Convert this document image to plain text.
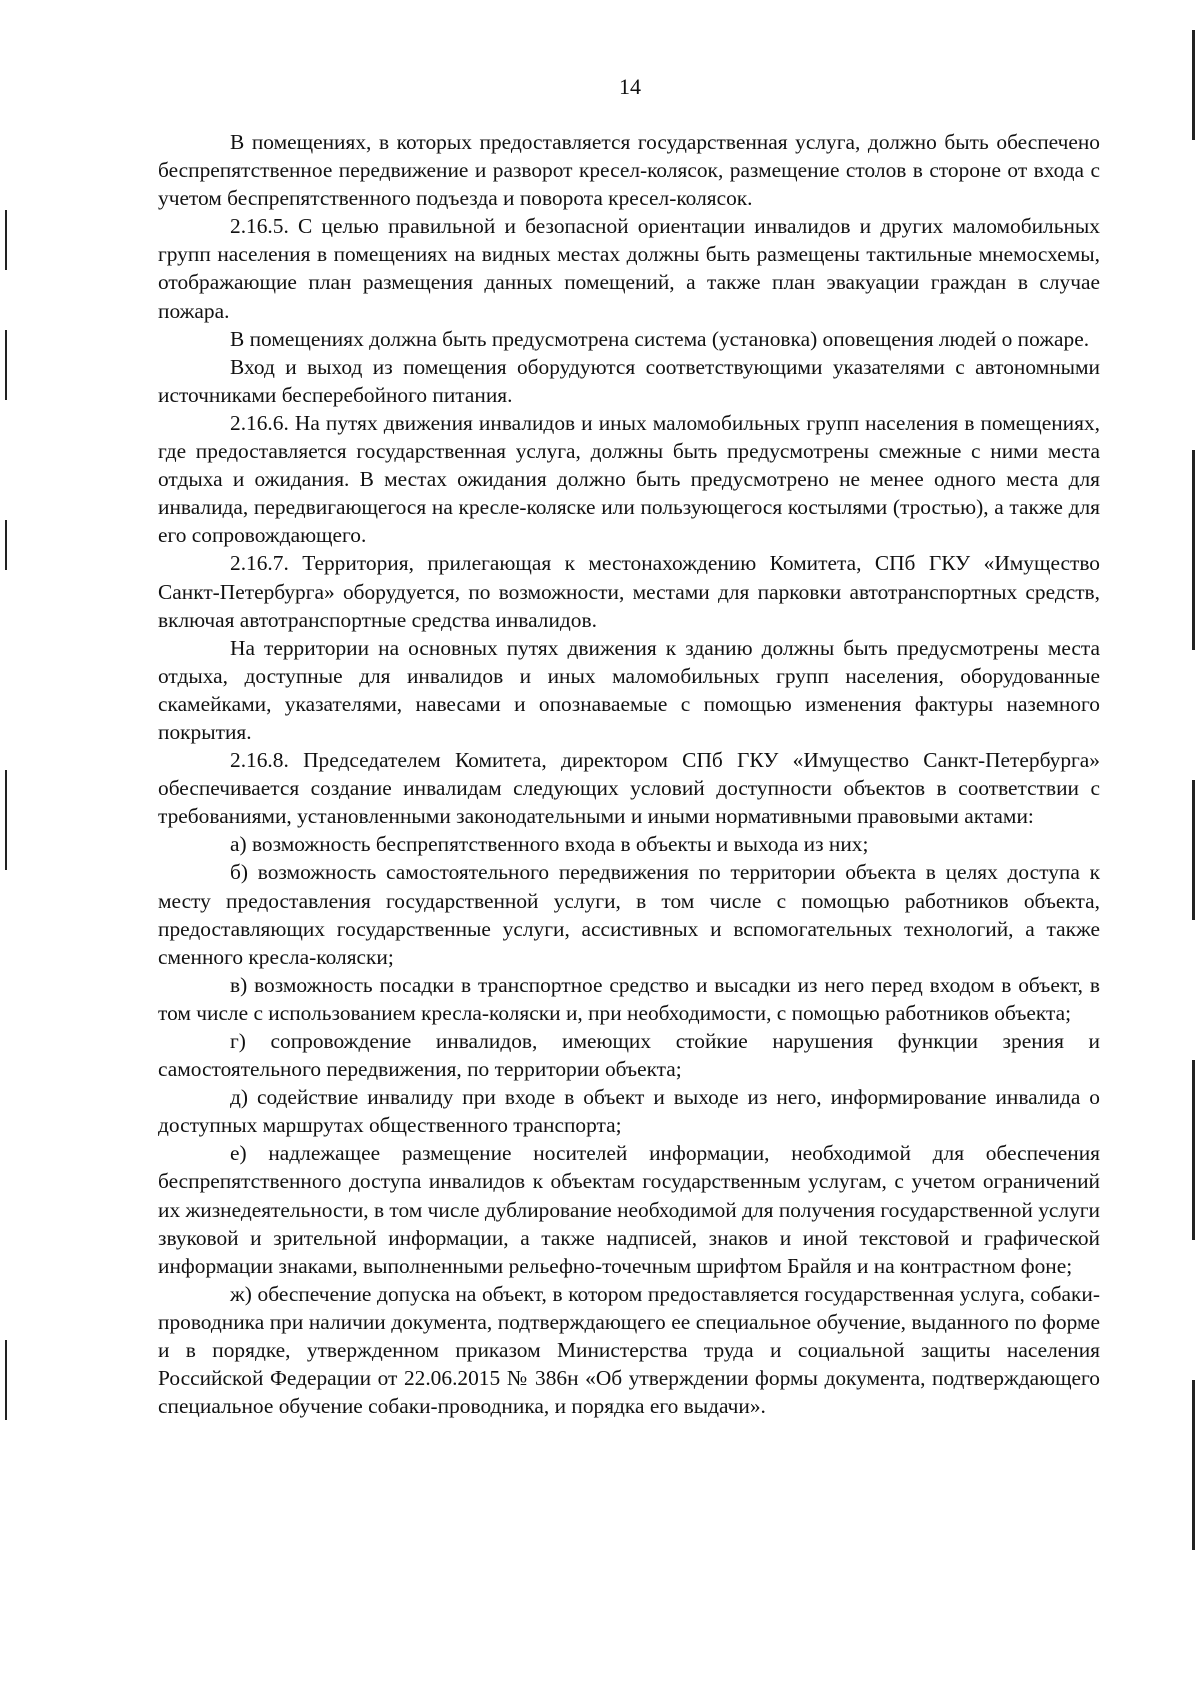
14

В помещениях, в которых предоставляется государственная услуга, должно быть обеспечено беспрепятственное передвижение и разворот кресел-колясок, размещение столов в стороне от входа с учетом беспрепятственного подъезда и поворота кресел-колясок.

2.16.5. С целью правильной и безопасной ориентации инвалидов и других маломобильных групп населения в помещениях на видных местах должны быть размещены тактильные мнемосхемы, отображающие план размещения данных помещений, а также план эвакуации граждан в случае пожара.

В помещениях должна быть предусмотрена система (установка) оповещения людей о пожаре.

Вход и выход из помещения оборудуются соответствующими указателями с автономными источниками бесперебойного питания.

2.16.6. На путях движения инвалидов и иных маломобильных групп населения в помещениях, где предоставляется государственная услуга, должны быть предусмотрены смежные с ними места отдыха и ожидания. В местах ожидания должно быть предусмотрено не менее одного места для инвалида, передвигающегося на кресле-коляске или пользующегося костылями (тростью), а также для его сопровождающего.

2.16.7. Территория, прилегающая к местонахождению Комитета, СПб ГКУ «Имущество Санкт-Петербурга» оборудуется, по возможности, местами для парковки автотранспортных средств, включая автотранспортные средства инвалидов.

На территории на основных путях движения к зданию должны быть предусмотрены места отдыха, доступные для инвалидов и иных маломобильных групп населения, оборудованные скамейками, указателями, навесами и опознаваемые с помощью изменения фактуры наземного покрытия.

2.16.8. Председателем Комитета, директором СПб ГКУ «Имущество Санкт-Петербурга» обеспечивается создание инвалидам следующих условий доступности объектов в соответствии с требованиями, установленными законодательными и иными нормативными правовыми актами:

а) возможность беспрепятственного входа в объекты и выхода из них;

б) возможность самостоятельного передвижения по территории объекта в целях доступа к месту предоставления государственной услуги, в том числе с помощью работников объекта, предоставляющих государственные услуги, ассистивных и вспомогательных технологий, а также сменного кресла-коляски;

в) возможность посадки в транспортное средство и высадки из него перед входом в объект, в том числе с использованием кресла-коляски и, при необходимости, с помощью работников объекта;

г) сопровождение инвалидов, имеющих стойкие нарушения функции зрения и самостоятельного передвижения, по территории объекта;

д) содействие инвалиду при входе в объект и выходе из него, информирование инвалида о доступных маршрутах общественного транспорта;

е) надлежащее размещение носителей информации, необходимой для обеспечения беспрепятственного доступа инвалидов к объектам государственным услугам, с учетом ограничений их жизнедеятельности, в том числе дублирование необходимой для получения государственной услуги звуковой и зрительной информации, а также надписей, знаков и иной текстовой и графической информации знаками, выполненными рельефно-точечным шрифтом Брайля и на контрастном фоне;

ж) обеспечение допуска на объект, в котором предоставляется государственная услуга, собаки-проводника при наличии документа, подтверждающего ее специальное обучение, выданного по форме и в порядке, утвержденном приказом Министерства труда и социальной защиты населения Российской Федерации от 22.06.2015 № 386н «Об утверждении формы документа, подтверждающего специальное обучение собаки-проводника, и порядка его выдачи».
